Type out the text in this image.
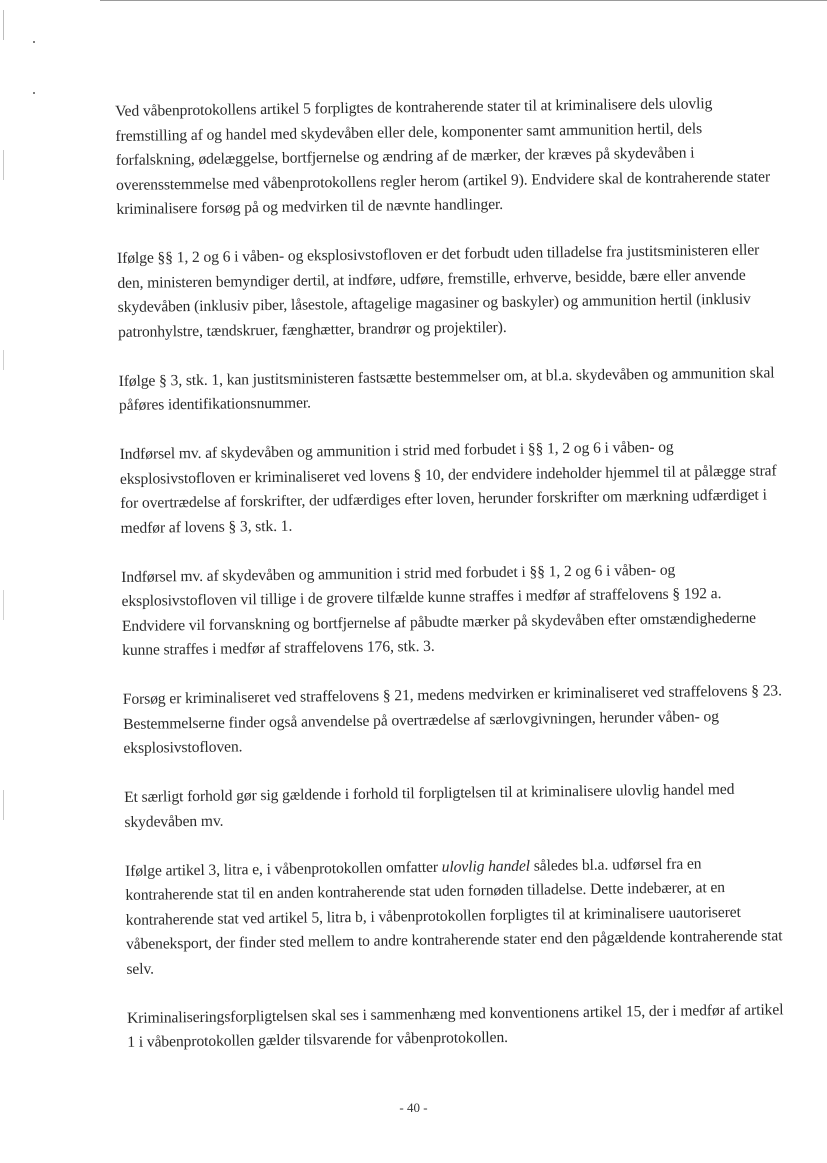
Ved våbenprotokollens artikel 5 forpligtes de kontraherende stater til at kriminalisere dels ulovlig fremstilling af og handel med skydevåben eller dele, komponenter samt ammunition hertil, dels forfalskning, ødelæggelse, bortfjernelse og ændring af de mærker, der kræves på skydevåben i overensstemmelse med våbenprotokollens regler herom (artikel 9). Endvidere skal de kontraherende stater kriminalisere forsøg på og medvirken til de nævnte handlinger.

Ifølge §§ 1, 2 og 6 i våben- og eksplosivstofloven er det forbudt uden tilladelse fra justitsministeren eller den, ministeren bemyndiger dertil, at indføre, udføre, fremstille, erhverve, besidde, bære eller anvende skydevåben (inklusiv piber, låsestole, aftagelige magasiner og baskyler) og ammunition hertil (inklusiv patronhylstre, tændskruer, fænghætter, brandrør og projektiler).

Ifølge § 3, stk. 1, kan justitsministeren fastsætte bestemmelser om, at bl.a. skydevåben og ammunition skal påføres identifikationsnummer.

Indførsel mv. af skydevåben og ammunition i strid med forbudet i §§ 1, 2 og 6 i våben- og eksplosivstofloven er kriminaliseret ved lovens § 10, der endvidere indeholder hjemmel til at pålægge straf for overtrædelse af forskrifter, der udfærdiges efter loven, herunder forskrifter om mærkning udfærdiget i medfør af lovens § 3, stk. 1.

Indførsel mv. af skydevåben og ammunition i strid med forbudet i §§ 1, 2 og 6 i våben- og eksplosivstofloven vil tillige i de grovere tilfælde kunne straffes i medfør af straffelovens § 192 a. Endvidere vil forvanskning og bortfjernelse af påbudte mærker på skydevåben efter omstændighederne kunne straffes i medfør af straffelovens 176, stk. 3.

Forsøg er kriminaliseret ved straffelovens § 21, medens medvirken er kriminaliseret ved straffelovens § 23. Bestemmelserne finder også anvendelse på overtrædelse af særlovgivningen, herunder våben- og eksplosivstofloven.

Et særligt forhold gør sig gældende i forhold til forpligtelsen til at kriminalisere ulovlig handel med skydevåben mv.

Ifølge artikel 3, litra e, i våbenprotokollen omfatter ulovlig handel således bl.a. udførsel fra en kontraherende stat til en anden kontraherende stat uden fornøden tilladelse. Dette indebærer, at en kontraherende stat ved artikel 5, litra b, i våbenprotokollen forpligtes til at kriminalisere uautoriseret våbeneksport, der finder sted mellem to andre kontraherende stater end den pågældende kontraherende stat selv.

Kriminaliseringsforpligtelsen skal ses i sammenhæng med konventionens artikel 15, der i medfør af artikel 1 i våbenprotokollen gælder tilsvarende for våbenprotokollen.

- 40 -
